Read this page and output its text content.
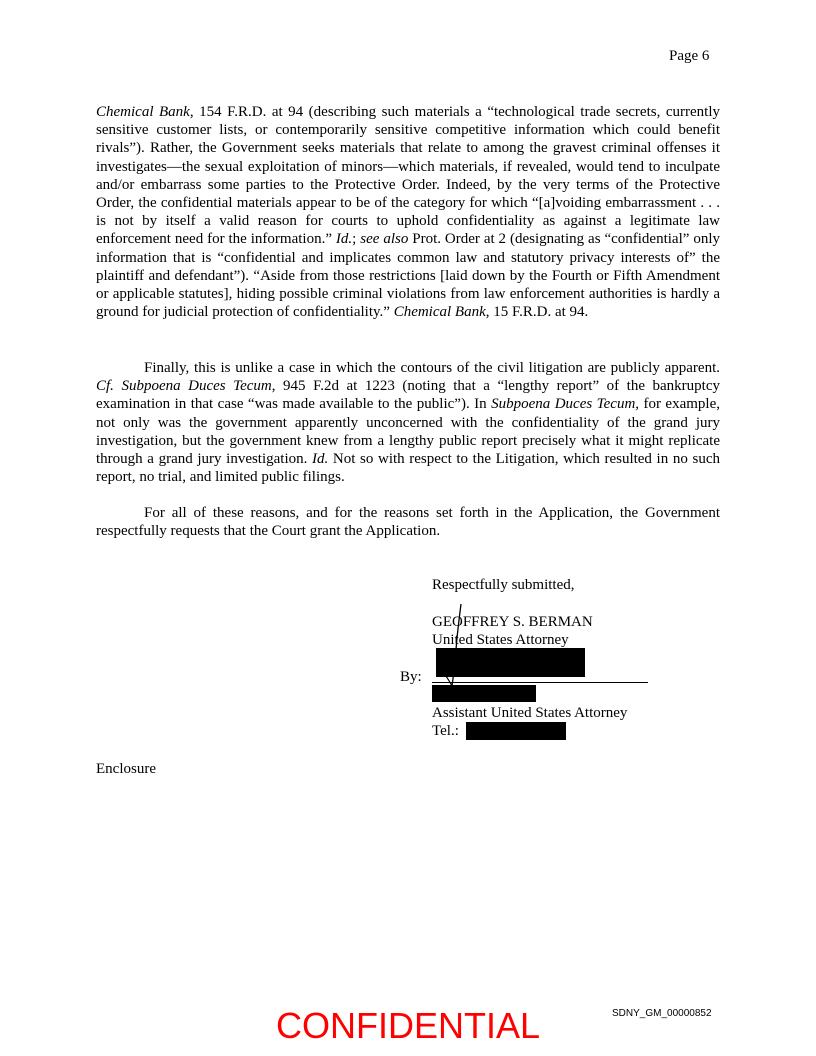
Page 6

Chemical Bank, 154 F.R.D. at 94 (describing such materials a “technological trade secrets, currently sensitive customer lists, or contemporarily sensitive competitive information which could benefit rivals”). Rather, the Government seeks materials that relate to among the gravest criminal offenses it investigates—the sexual exploitation of minors—which materials, if revealed, would tend to inculpate and/or embarrass some parties to the Protective Order. Indeed, by the very terms of the Protective Order, the confidential materials appear to be of the category for which “[a]voiding embarrassment . . . is not by itself a valid reason for courts to uphold confidentiality as against a legitimate law enforcement need for the information.” Id.; see also Prot. Order at 2 (designating as “confidential” only information that is “confidential and implicates common law and statutory privacy interests of” the plaintiff and defendant”). “Aside from those restrictions [laid down by the Fourth or Fifth Amendment or applicable statutes], hiding possible criminal violations from law enforcement authorities is hardly a ground for judicial protection of confidentiality.” Chemical Bank, 15 F.R.D. at 94.

Finally, this is unlike a case in which the contours of the civil litigation are publicly apparent. Cf. Subpoena Duces Tecum, 945 F.2d at 1223 (noting that a “lengthy report” of the bankruptcy examination in that case “was made available to the public”). In Subpoena Duces Tecum, for example, not only was the government apparently unconcerned with the confidentiality of the grand jury investigation, but the government knew from a lengthy public report precisely what it might replicate through a grand jury investigation. Id. Not so with respect to the Litigation, which resulted in no such report, no trial, and limited public filings.

For all of these reasons, and for the reasons set forth in the Application, the Government respectfully requests that the Court grant the Application.

Respectfully submitted,
GEOFFREY S. BERMAN
United States Attorney
By:
Assistant United States Attorney
Tel.:
Enclosure
SDNY_GM_00000852
CONFIDENTIAL
